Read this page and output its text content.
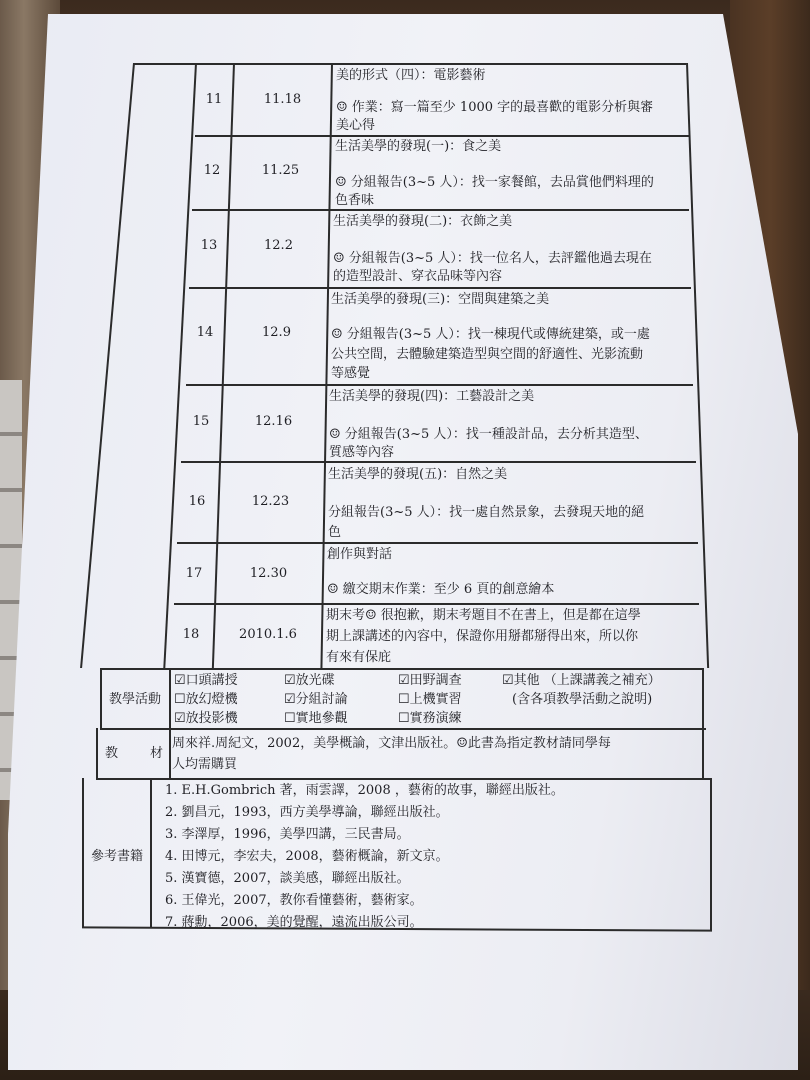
11	11.18
美的形式（四）：電影藝術
☺ 作業：寫一篇至少 1000 字的最喜歡的電影分析與審
美心得
12	11.25
生活美學的發現(一)：食之美
☺ 分組報告(3~5 人）：找一家餐館，去品賞他們料理的
色香味
13	12.2
生活美學的發現(二)：衣飾之美
☺ 分組報告(3~5 人）：找一位名人，去評鑑他過去現在
的造型設計、穿衣品味等內容
14	12.9
生活美學的發現(三)：空間與建築之美
☺ 分組報告(3~5 人）：找一棟現代或傳統建築，或一處
公共空間，去體驗建築造型與空間的舒適性、光影流動
等感覺
15	12.16
生活美學的發現(四)：工藝設計之美
☺ 分組報告(3~5 人）：找一種設計品，去分析其造型、
質感等內容
16	12.23
生活美學的發現(五)：自然之美
分組報告(3~5 人）：找一處自然景象，去發現天地的絕
色
17	12.30
創作與對話
☺ 繳交期末作業：至少 6 頁的創意繪本
18	2010.1.6
期末考☺ 很抱歉，期末考題目不在書上，但是都在這學
期上課講述的內容中，保證你用掰都掰得出來，所以你
有來有保庇
教學活動
☑口頭講授	☑放光碟	☑田野調查	☑其他 （上課講義之補充）
☐放幻燈機	☑分組討論	☐上機實習	(含各項教學活動之說明)
☑放投影機	☐實地參觀	☐實務演練
教 材
周來祥.周紀文，2002，美學概論，文津出版社。☺此書為指定教材請同學每
人均需購買
參考書籍
1. E.H.Gombrich 著，雨雲譯，2008 ，藝術的故事，聯經出版社。
2. 劉昌元，1993，西方美學導論，聯經出版社。
3. 李澤厚，1996，美學四講，三民書局。
4. 田博元，李宏夫，2008，藝術概論，新文京。
5. 漢寶德，2007，談美感，聯經出版社。
6. 王偉光，2007，教你看懂藝術，藝術家。
7. 蔣勳，2006，美的覺醒，遠流出版公司。
